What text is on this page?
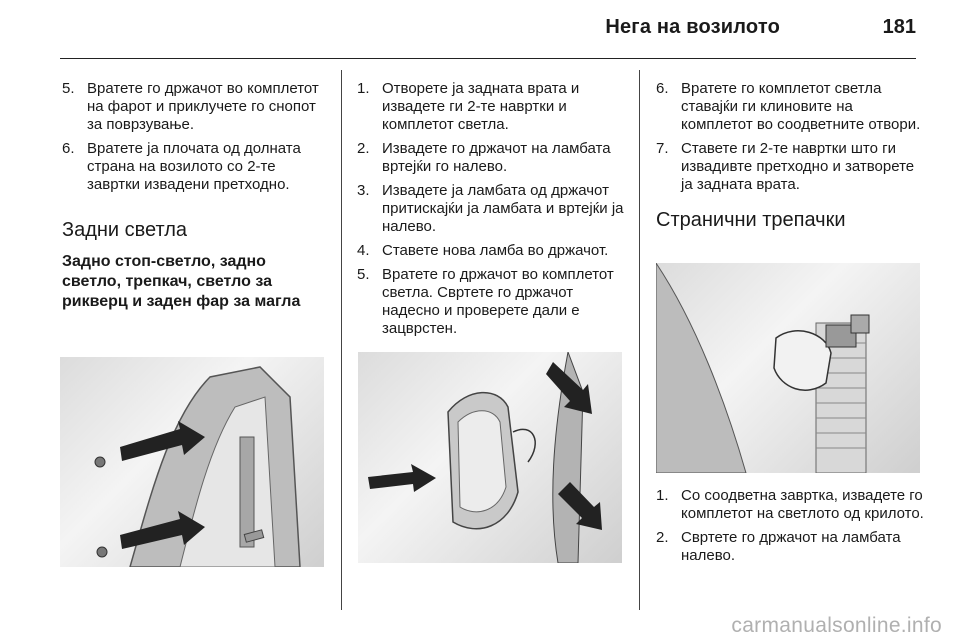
Нега на возилото	181
5. Вратете го држачот во комплетот на фарот и приклучете го снопот за поврзување.
6. Вратете ја плочата од долната страна на возилото со 2-те завртки извадени претходно.
Задни светла
Задно стоп-светло, задно светло, трепкач, светло за рикверц и заден фар за магла
1. Отворете ја задната врата и извадете ги 2-те навртки и комплетот светла.
2. Извадете го држачот на ламбата вртејќи го налево.
3. Извадете ја ламбата од држачот притискајќи ја ламбата и вртејќи ја налево.
4. Ставете нова ламба во држачот.
5. Вратете го држачот во комплетот светла. Свртете го држачот надесно и проверете дали е зацврстен.
6. Вратете го комплетот светла ставајќи ги клиновите на комплетот во соодветните отвори.
7. Ставете ги 2-те навртки што ги извадивте претходно и затворете ја задната врата.
Странични трепачки
1. Со соодветна завртка, извадете го комплетот на светлото од крилото.
2. Свртете го држачот на ламбата налево.
carmanualsonline.info
